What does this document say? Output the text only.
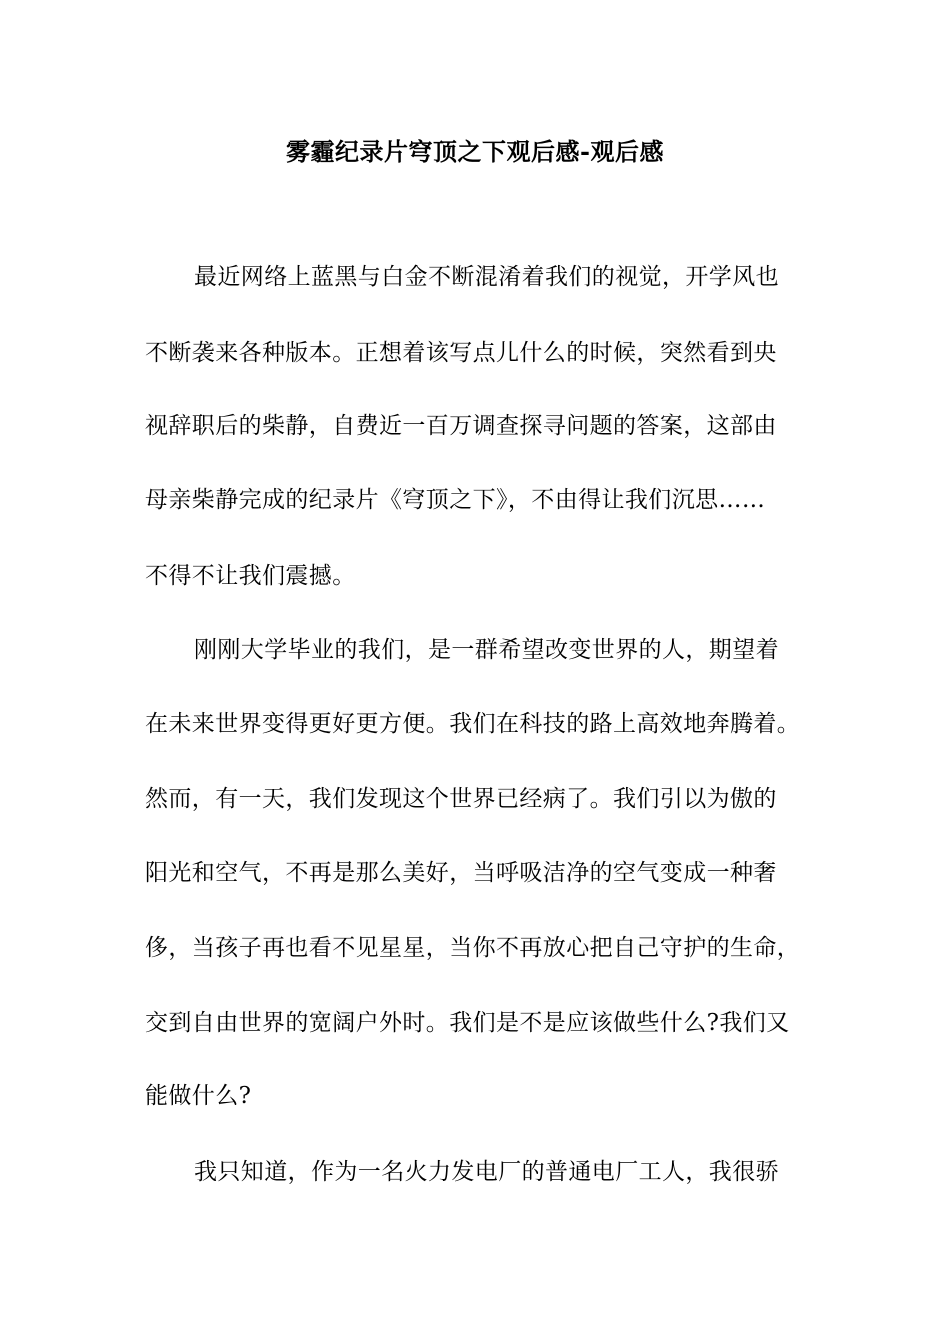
雾霾纪录片穹顶之下观后感-观后感
最近网络上蓝黑与白金不断混淆着我们的视觉，开学风也
不断袭来各种版本。正想着该写点儿什么的时候，突然看到央
视辞职后的柴静，自费近一百万调查探寻问题的答案，这部由
母亲柴静完成的纪录片《穹顶之下》，不由得让我们沉思……
不得不让我们震撼。
刚刚大学毕业的我们，是一群希望改变世界的人，期望着
在未来世界变得更好更方便。我们在科技的路上高效地奔腾着。
然而，有一天，我们发现这个世界已经病了。我们引以为傲的
阳光和空气，不再是那么美好，当呼吸洁净的空气变成一种奢
侈，当孩子再也看不见星星，当你不再放心把自己守护的生命，
交到自由世界的宽阔户外时。我们是不是应该做些什么?我们又
能做什么?
我只知道，作为一名火力发电厂的普通电厂工人，我很骄
